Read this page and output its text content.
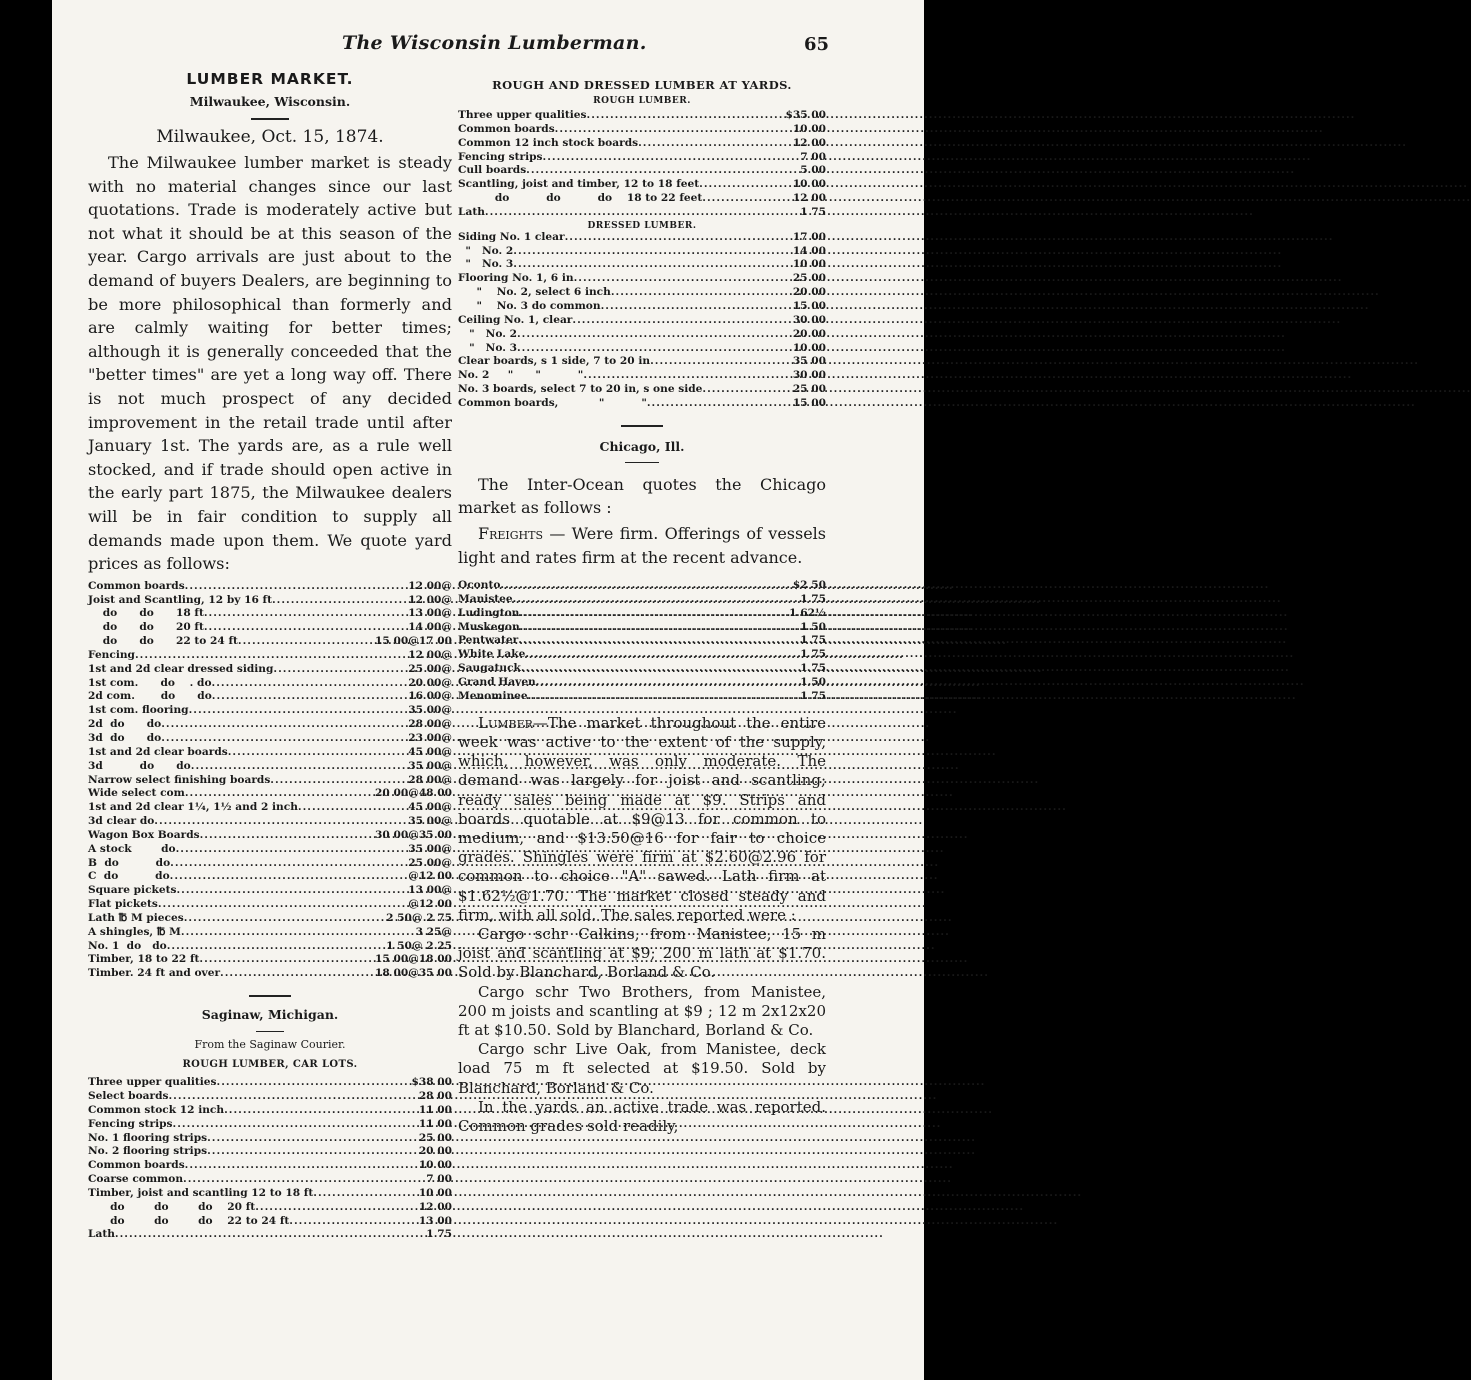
The Wisconsin Lumberman.	65
LUMBER MARKET.
Milwaukee, Wisconsin.
Milwaukee, Oct. 15, 1874.

The Milwaukee lumber market is steady with no material changes since our last quotations. Trade is moderately active but not what it should be at this season of the year. Cargo arrivals are just about to the demand of buyers Dealers, are beginning to be more philosophical than formerly and are calmly waiting for better times; although it is generally conceeded that the "better times" are yet a long way off. There is not much prospect of any decided improvement in the retail trade until after January 1st. The yards are, as a rule well stocked, and if trade should open active in the early part 1875, the Milwaukee dealers will be in fair condition to supply all demands made upon them. We quote yard prices as follows:

Common boards .....	12 00@
Joist and Scantling, 12 by 16 ft .....	12 00@
do      do      18 ft .....	13 00@
do      do      20 ft .....	14 00@
do      do      22 to 24 ft .....	15 00@17 00
Fencing .....	12 00@
1st and 2d clear dressed siding .....	25 00@
1st com.      do    . do .....	20 00@
2d com.       do      do .....	16 00@
1st com. flooring .....	35 00@
2d  do      do .....	28 00@
3d  do      do .....	23 00@
1st and 2d clear boards .....	45 00@
3d          do      do .....	35 00@
Narrow select finishing boards .....	28 00@
Wide select com .....	20 00@48 00
1st and 2d clear 1¼, 1½ and 2 inch .....	45 00@
3d clear do .....	35 00@
Wagon Box Boards .....	30 00@35 00
A stock        do .....	35 00@
B  do          do .....	25 00@
C  do          do .....	@12 00
Square pickets .....	13 00@
Flat pickets .....	@12 00
Lath ℔ M pieces .....	2 50@ 2 75
A shingles, ℔ M .....	3 25@
No. 1  do   do .....	1 50@ 2 25
Timber, 18 to 22 ft .....	15 00@18 00
Timber. 24 ft and over .....	18 00@35 00
Saginaw, Michigan.
From the Saginaw Courier.
ROUGH LUMBER, CAR LOTS.
Three upper qualities .....	$38 00
Select boards .....	28 00
Common stock 12 inch .....	11 00
Fencing strips .....	11 00
No. 1 flooring strips .....	25 00
No. 2 flooring strips .....	20 00
Common boards .....	10 00
Coarse common .....	7 00
Timber, joist and scantling 12 to 18 ft .....	10 00
do        do        do    20 ft .....	12 00
do        do        do    22 to 24 ft .....	13 00
Lath .....	1 75
ROUGH AND DRESSED LUMBER AT YARDS.
ROUGH LUMBER.
Three upper qualities .....	$35 00
Common boards .....	10 00
Common 12 inch stock boards .....	12 00
Fencing strips .....	7 00
Cull boards .....	5 00
Scantling, joist and timber, 12 to 18 feet .....	10 00
do          do          do    18 to 22 feet .....	12 00
Lath .....	1 75
DRESSED LUMBER.
Siding No. 1 clear .....	17 00
"   No. 2 .....	14 00
"   No. 3 .....	10 00
Flooring No. 1, 6 in .....	25 00
"    No. 2, select 6 inch .....	20 00
"    No. 3 do common .....	15 00
Ceiling No. 1, clear .....	30 00
"   No. 2 .....	20 00
"   No. 3 .....	10 00
Clear boards, s 1 side, 7 to 20 in .....	35 00
No. 2     "      "          " .....	30 00
No. 3 boards, select 7 to 20 in, s one side .....	25 00
Common boards,           "          " .....	15 00
Chicago, Ill.

The Inter-Ocean quotes the Chicago market as follows :

Freights — Were firm. Offerings of vessels light and rates firm at the recent advance.

Oconto .....	$2 50
Manistee .....	1 75
Ludington .....	1 62½
Muskegon .....	1 50
Pentwater .....	1 75
White Lake .....	1 75
Saugatuck .....	1 75
Grand Haven .....	1 50
Menominee .....	1 75

Lumber—The market throughout the entire week was active to the extent of the supply, which, however, was only moderate. The demand was largely for joist and scantling; ready sales being made at $9. Strips and boards quotable at $9@13 for common to medium, and $13.50@16 for fair to choice grades. Shingles were firm at $2.60@2.96 for common to choice "A" sawed. Lath firm at $1.62½@1.70. The market closed steady and firm, with all sold. The sales reported were :

Cargo schr Calkins, from Manistee, 15 m joist and scantling at $9; 200 m lath at $1.70. Sold by Blanchard, Borland & Co.

Cargo schr Two Brothers, from Manistee, 200 m joists and scantling at $9 ; 12 m 2x12x20 ft at $10.50. Sold by Blanchard, Borland & Co.

Cargo schr Live Oak, from Manistee, deck load 75 m ft selected at $19.50. Sold by Blanchard, Borland & Co.

In the yards an active trade was reported. Common grades sold readily,
